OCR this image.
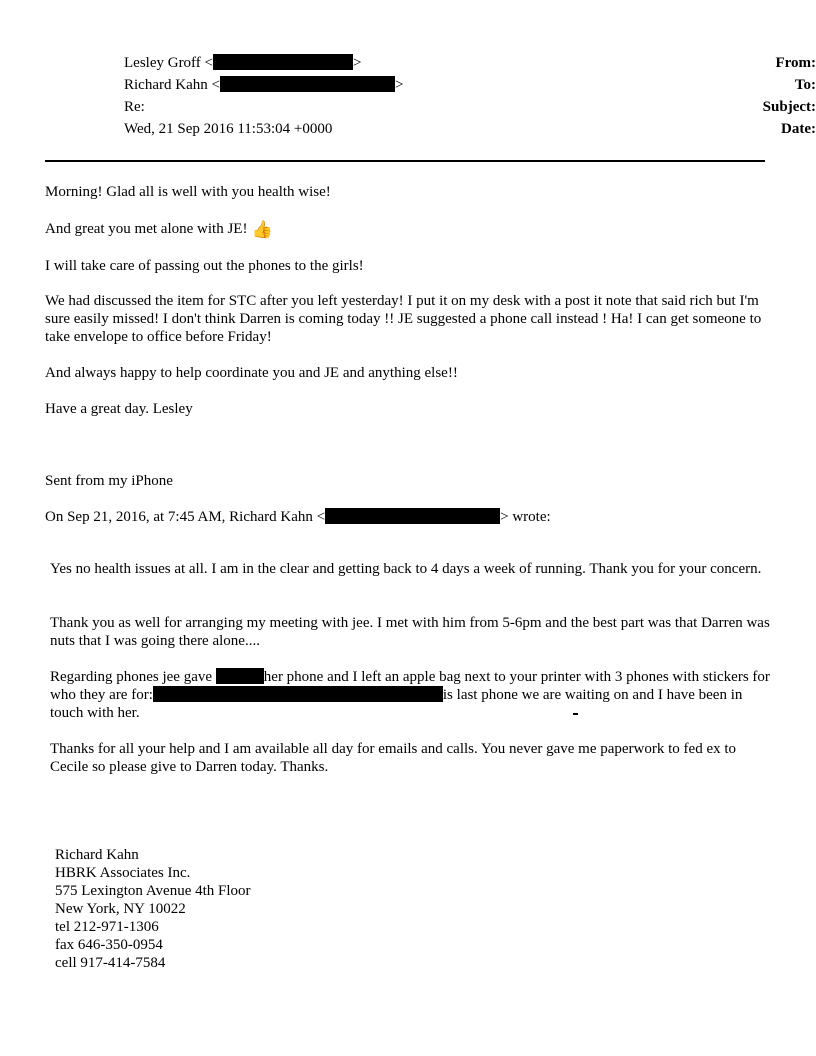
From:
Lesley Groff <	>
To:
Richard Kahn <	>
Subject:
Re:
Date:
Wed, 21 Sep 2016 11:53:04 +0000

Morning! Glad all is well with you health wise!

And great you met alone with JE! 👍

I will take care of passing out the phones to the girls!

We had discussed the item for STC after you left yesterday! I put it on my desk with a post it note that said rich but I'm sure easily missed! I don't think Darren is coming today !! JE suggested a phone call instead ! Ha! I can get someone to take envelope to office before Friday!

And always happy to help coordinate you and JE and anything else!!

Have a great day. Lesley

Sent from my iPhone

On Sep 21, 2016, at 7:45 AM, Richard Kahn <	> wrote:

Yes no health issues at all. I am in the clear and getting back to 4 days a week of running. Thank you for your concern.

Thank you as well for arranging my meeting with jee. I met with him from 5-6pm and the best part was that Darren was nuts that I was going there alone....

Regarding phones jee gave	her phone and I left an apple bag next to your printer with 3 phones with stickers for who they are for:	is last phone we are waiting on and I have been in touch with her.

Thanks for all your help and I am available all day for emails and calls. You never gave me paperwork to fed ex to Cecile so please give to Darren today. Thanks.

Richard Kahn
HBRK Associates Inc.
575 Lexington Avenue 4th Floor
New York, NY 10022
tel 212-971-1306
fax 646-350-0954
cell 917-414-7584
